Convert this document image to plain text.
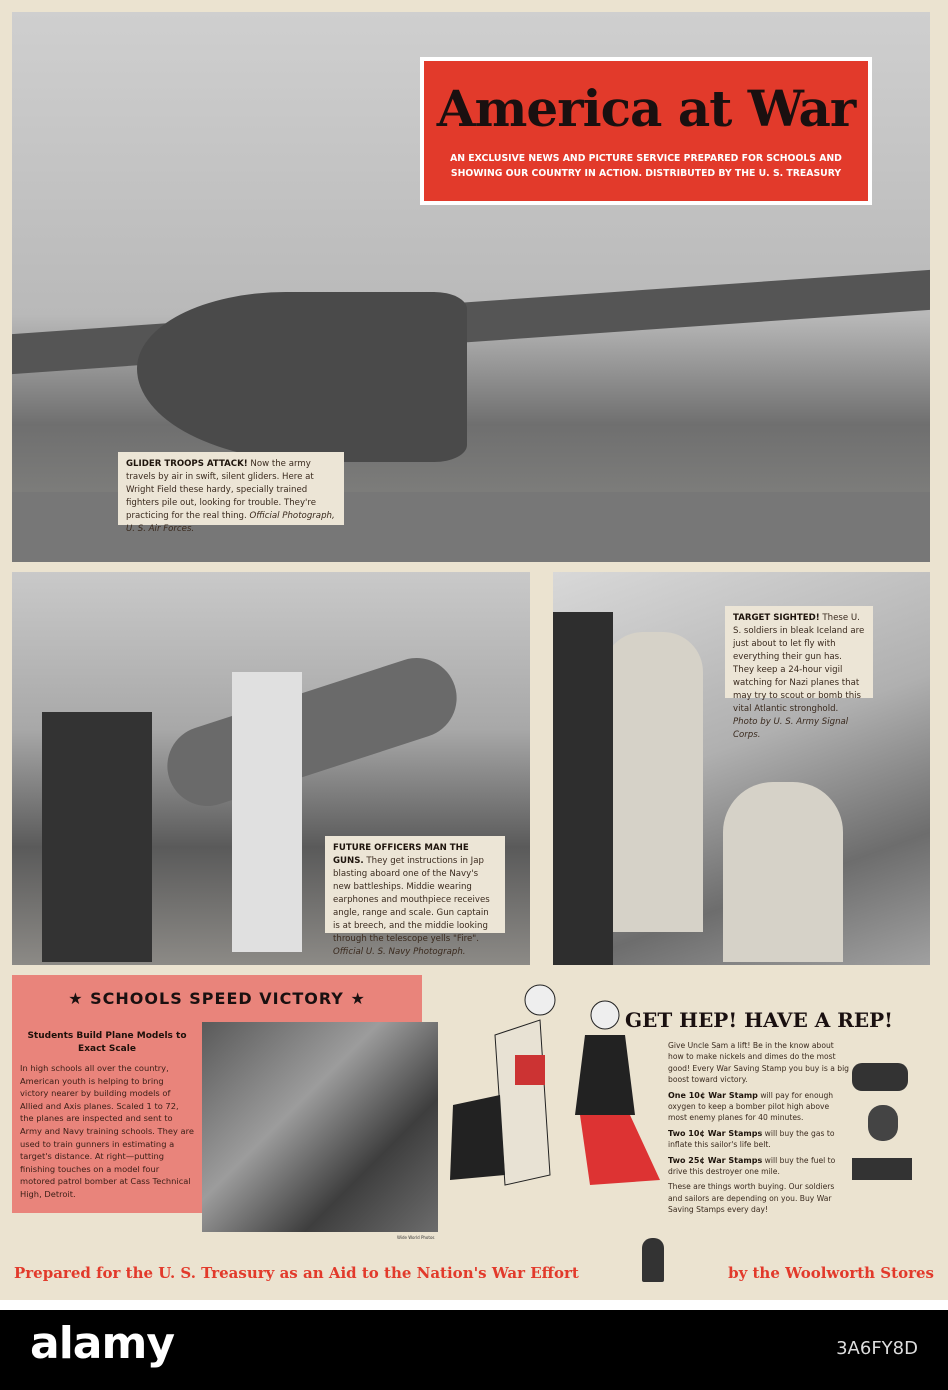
America at War
AN EXCLUSIVE NEWS AND PICTURE SERVICE PREPARED FOR SCHOOLS AND
SHOWING OUR COUNTRY IN ACTION. DISTRIBUTED BY THE U. S. TREASURY
GLIDER TROOPS ATTACK! Now the army travels by air in swift, silent gliders. Here at Wright Field these hardy, specially trained fighters pile out, looking for trouble. They're practicing for the real thing. Official Photograph, U. S. Air Forces.
FUTURE OFFICERS MAN THE GUNS. They get instructions in Jap blasting aboard one of the Navy's new battleships. Middie wearing earphones and mouthpiece receives angle, range and scale. Gun captain is at breech, and the middie looking through the telescope yells "Fire". Official U. S. Navy Photograph.
TARGET SIGHTED! These U. S. soldiers in bleak Iceland are just about to let fly with everything their gun has. They keep a 24-hour vigil watching for Nazi planes that may try to scout or bomb this vital Atlantic stronghold. Photo by U. S. Army Signal Corps.
★ SCHOOLS SPEED VICTORY ★
Students Build Plane Models to Exact Scale
In high schools all over the country, American youth is helping to bring victory nearer by building models of Allied and Axis planes. Scaled 1 to 72, the planes are inspected and sent to Army and Navy training schools. They are used to train gunners in estimating a target's distance. At right—putting finishing touches on a model four motored patrol bomber at Cass Technical High, Detroit.
Wide World Photos
GET HEP! HAVE A REP!

Give Uncle Sam a lift! Be in the know about how to make nickels and dimes do the most good! Every War Saving Stamp you buy is a big boost toward victory.

One 10¢ War Stamp will pay for enough oxygen to keep a bomber pilot high above most enemy planes for 40 minutes.

Two 10¢ War Stamps will buy the gas to inflate this sailor's life belt.

Two 25¢ War Stamps will buy the fuel to drive this destroyer one mile.

These are things worth buying. Our soldiers and sailors are depending on you. Buy War Saving Stamps every day!

Prepared for the U. S. Treasury as an Aid to the Nation's War Effort	by the Woolworth Stores
alamy	3A6FY8D
